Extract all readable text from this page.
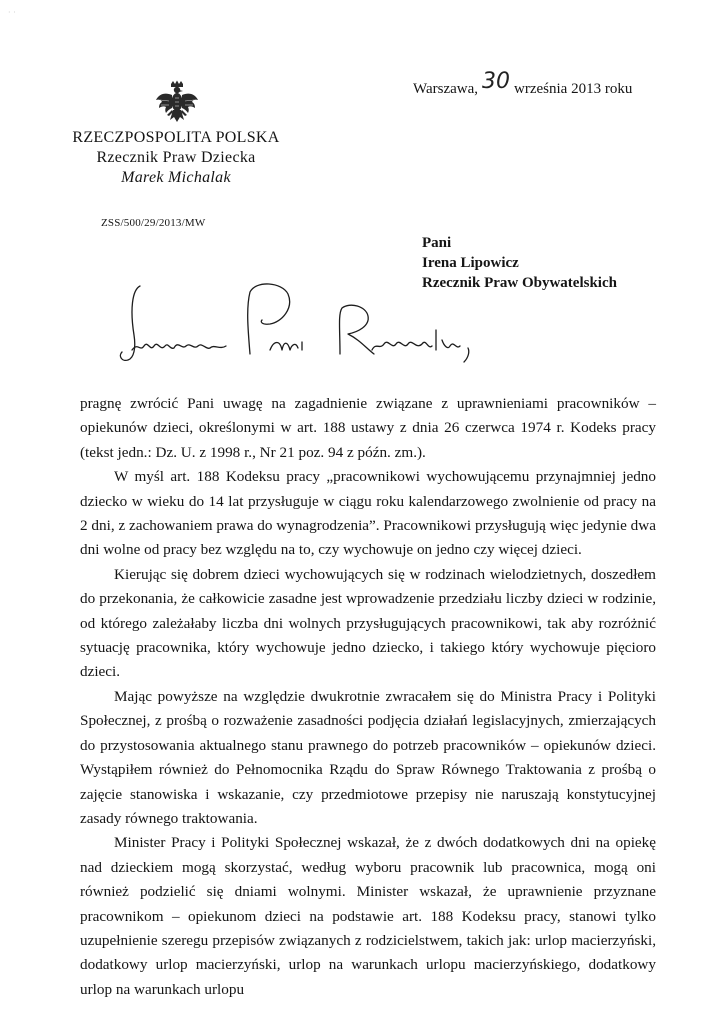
· ·
Warszawa, 30 września 2013 roku
RZECZPOSPOLITA POLSKA
Rzecznik Praw Dziecka
Marek Michalak
ZSS/500/29/2013/MW
Pani
Irena Lipowicz
Rzecznik Praw Obywatelskich

pragnę zwrócić Pani uwagę na zagadnienie związane z uprawnieniami pracowników – opiekunów dzieci, określonymi w art. 188 ustawy z dnia 26 czerwca 1974 r. Kodeks pracy (tekst jedn.: Dz. U. z 1998 r., Nr 21 poz. 94 z późn. zm.).

W myśl art. 188 Kodeksu pracy „pracownikowi wychowującemu przynajmniej jedno dziecko w wieku do 14 lat przysługuje w ciągu roku kalendarzowego zwolnienie od pracy na 2 dni, z zachowaniem prawa do wynagrodzenia”. Pracownikowi przysługują więc jedynie dwa dni wolne od pracy bez względu na to, czy wychowuje on jedno czy więcej dzieci.

Kierując się dobrem dzieci wychowujących się w rodzinach wielodzietnych, doszedłem do przekonania, że całkowicie zasadne jest wprowadzenie przedziału liczby dzieci w rodzinie, od którego zależałaby liczba dni wolnych przysługujących pracownikowi, tak aby rozróżnić sytuację pracownika, który wychowuje jedno dziecko, i takiego który wychowuje pięcioro dzieci.

Mając powyższe na względzie dwukrotnie zwracałem się do Ministra Pracy i Polityki Społecznej, z prośbą o rozważenie zasadności podjęcia działań legislacyjnych, zmierzających do przystosowania aktualnego stanu prawnego do potrzeb pracowników – opiekunów dzieci. Wystąpiłem również do Pełnomocnika Rządu do Spraw Równego Traktowania z prośbą o zajęcie stanowiska i wskazanie, czy przedmiotowe przepisy nie naruszają konstytucyjnej zasady równego traktowania.

Minister Pracy i Polityki Społecznej wskazał, że z dwóch dodatkowych dni na opiekę nad dzieckiem mogą skorzystać, według wyboru pracownik lub pracownica, mogą oni również podzielić się dniami wolnymi. Minister wskazał, że uprawnienie przyznane pracownikom – opiekunom dzieci na podstawie art. 188 Kodeksu pracy, stanowi tylko uzupełnienie szeregu przepisów związanych z rodzicielstwem, takich jak: urlop macierzyński, dodatkowy urlop macierzyński, urlop na warunkach urlopu macierzyńskiego, dodatkowy urlop na warunkach urlopu
